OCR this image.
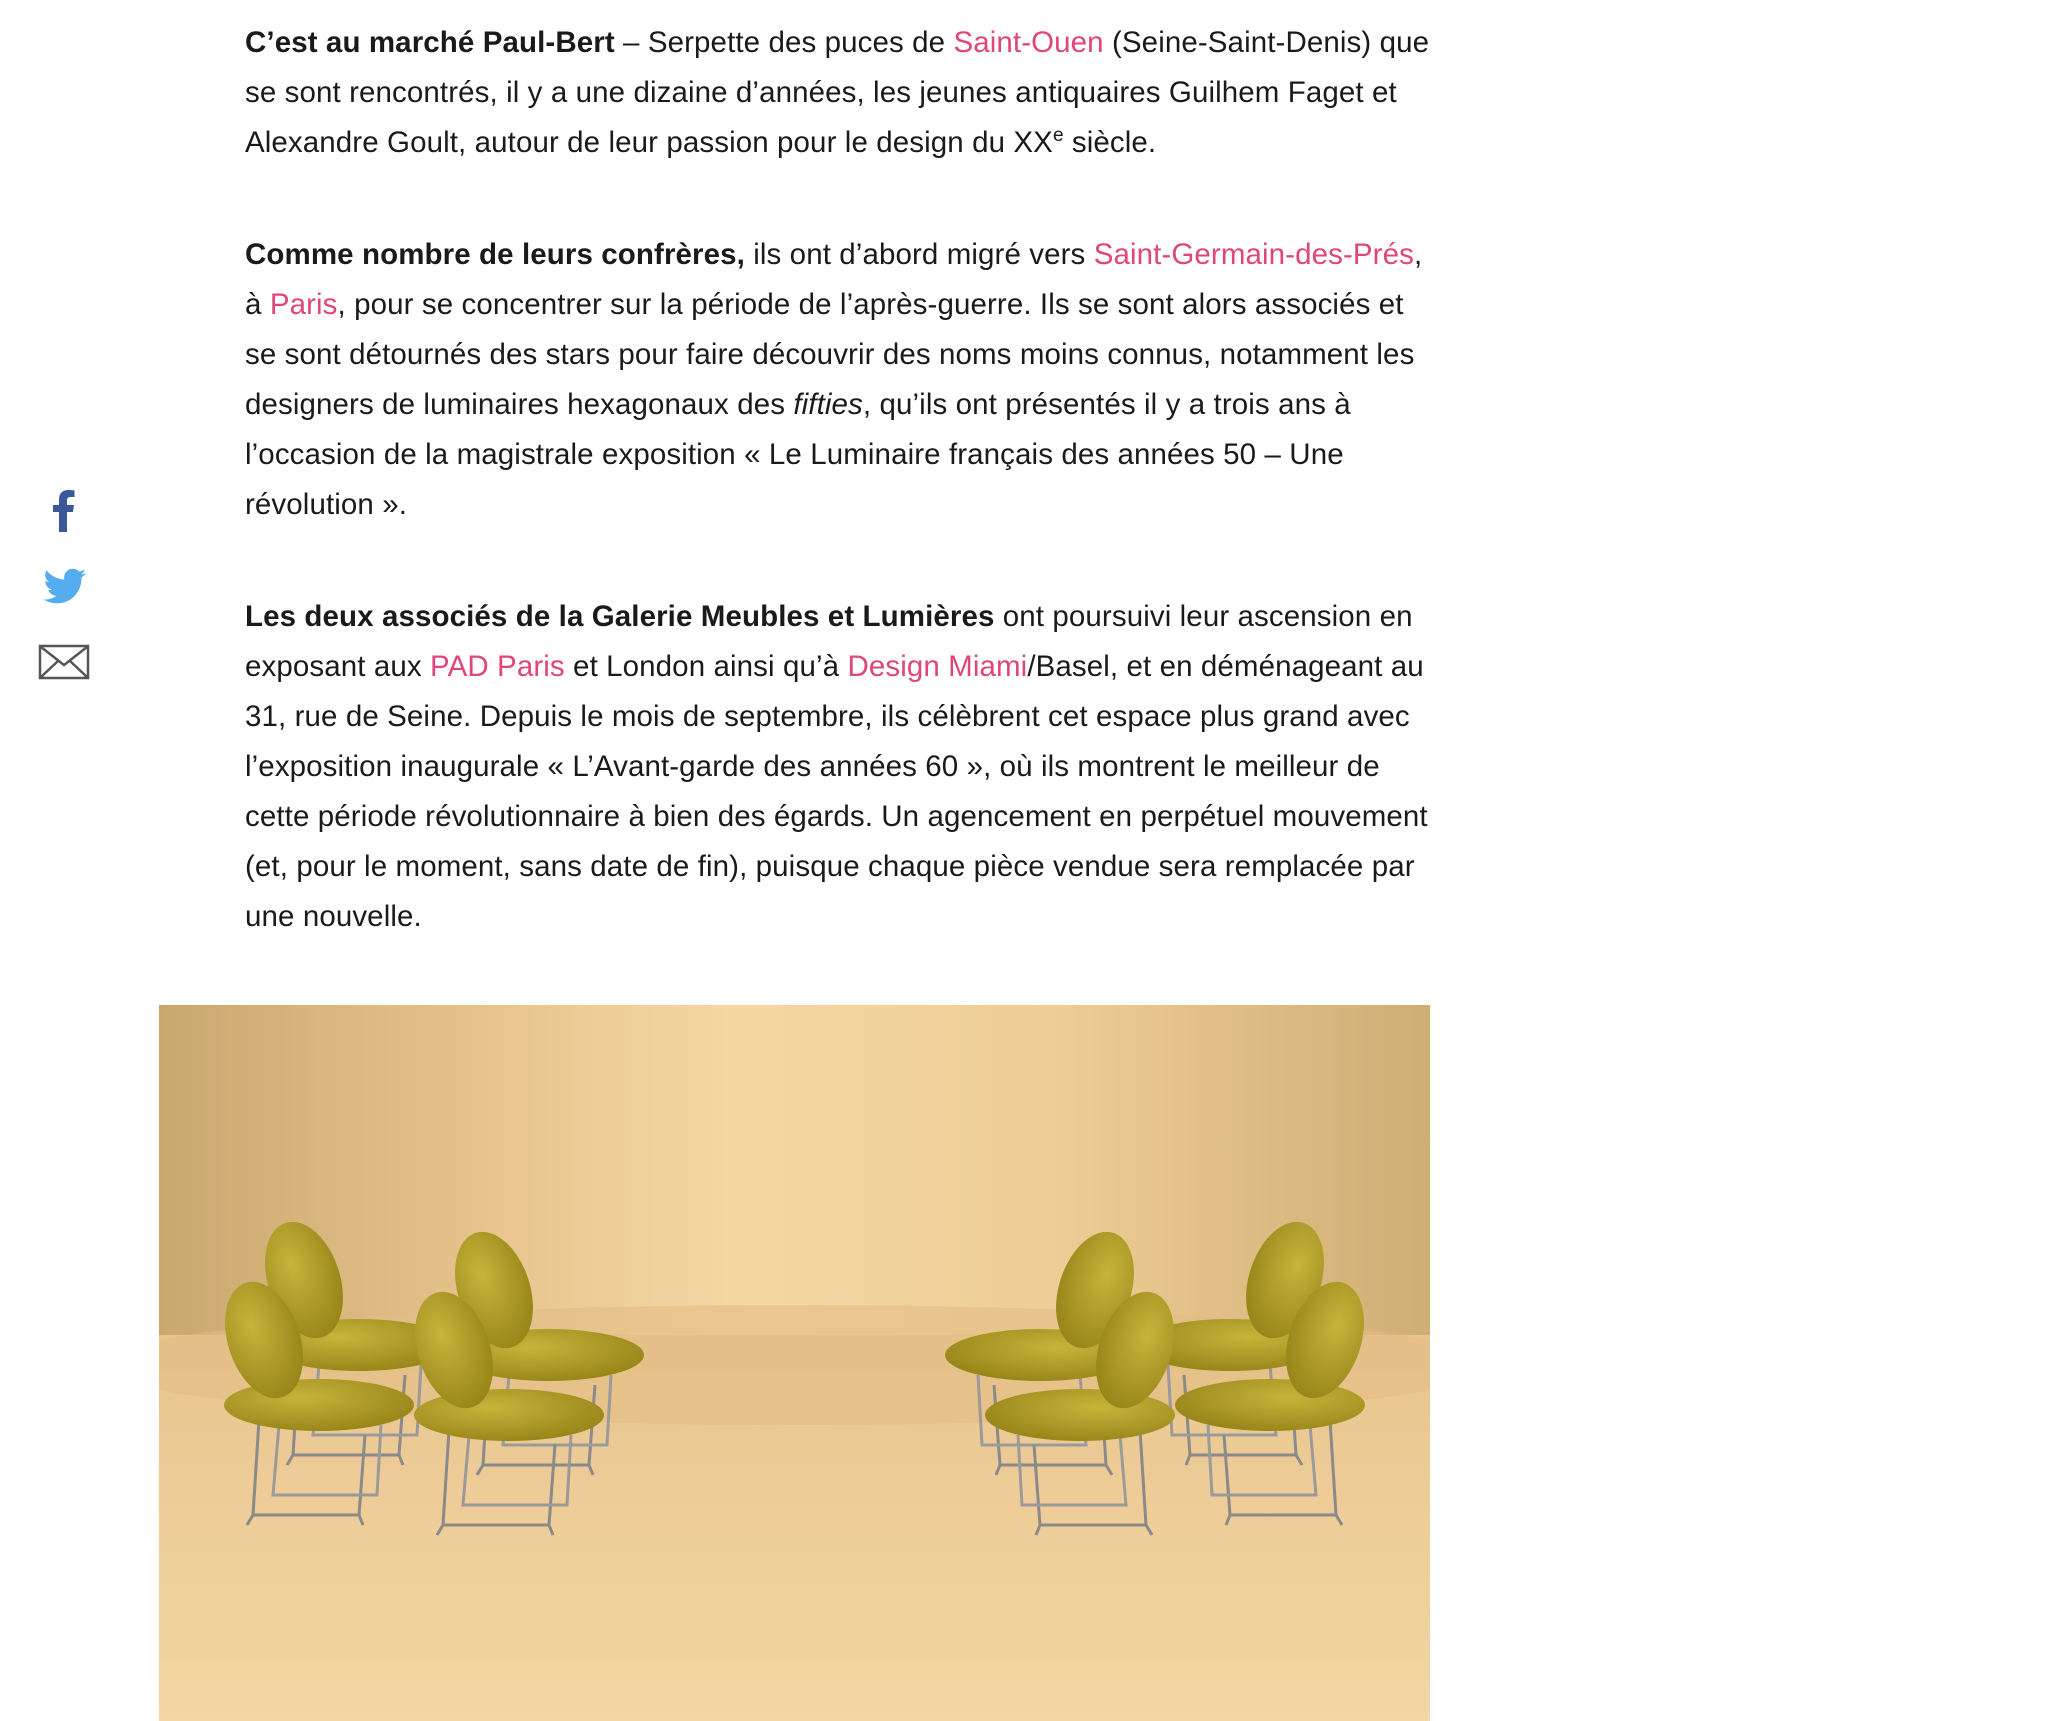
C’est au marché Paul-Bert – Serpette des puces de Saint-Ouen (Seine-Saint-Denis) que se sont rencontrés, il y a une dizaine d’années, les jeunes antiquaires Guilhem Faget et Alexandre Goult, autour de leur passion pour le design du XXe siècle.

Comme nombre de leurs confrères, ils ont d’abord migré vers Saint-Germain-des-Prés, à Paris, pour se concentrer sur la période de l’après-guerre. Ils se sont alors associés et se sont détournés des stars pour faire découvrir des noms moins connus, notamment les designers de luminaires hexagonaux des fifties, qu’ils ont présentés il y a trois ans à l’occasion de la magistrale exposition « Le Luminaire français des années 50 – Une révolution ».

Les deux associés de la Galerie Meubles et Lumières ont poursuivi leur ascension en exposant aux PAD Paris et London ainsi qu’à Design Miami/Basel, et en déménageant au 31, rue de Seine. Depuis le mois de septembre, ils célèbrent cet espace plus grand avec l’exposition inaugurale « L’Avant-garde des années 60 », où ils montrent le meilleur de cette période révolutionnaire à bien des égards. Un agencement en perpétuel mouvement (et, pour le moment, sans date de fin), puisque chaque pièce vendue sera remplacée par une nouvelle.
